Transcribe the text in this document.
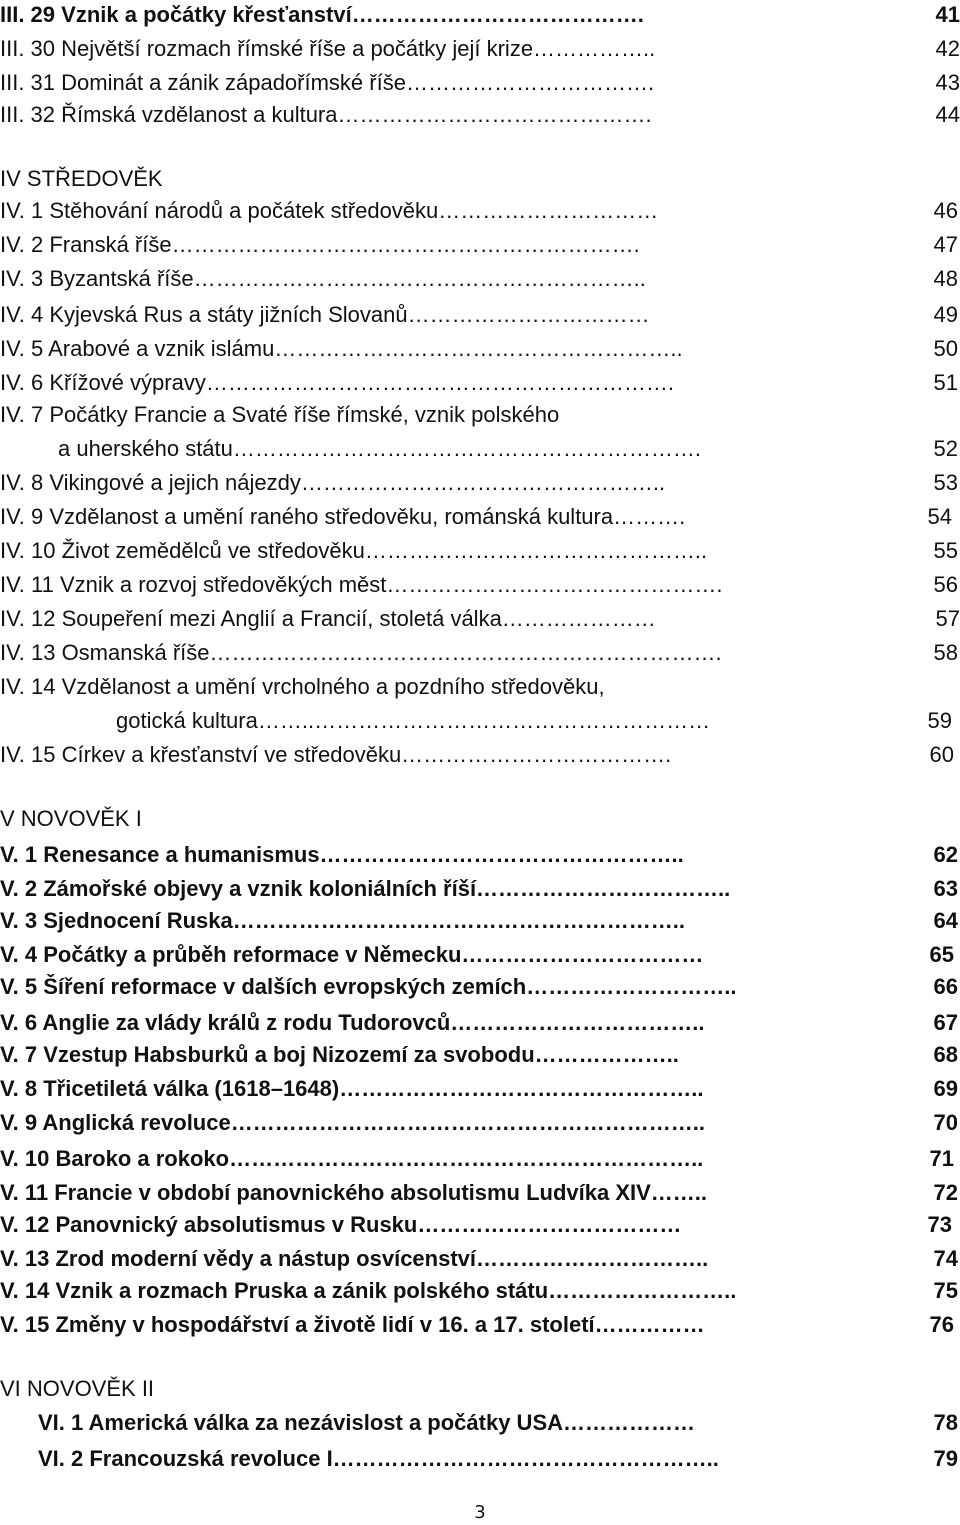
III. 29 Vznik a počátky křesťanství………………………………….	41
III. 30 Největší rozmach římské říše a počátky její krize……………..	42
III. 31 Dominát a zánik západořímské říše…………………………….	43
III. 32 Římská vzdělanost a kultura…………………………………….	44
IV STŘEDOVĚK
IV. 1 Stěhování národů a počátek středověku…………………………	46
IV. 2 Franská říše……………………………………………………….	47
IV. 3 Byzantská říše……………………………………………………..	48
IV. 4 Kyjevská Rus a státy jižních Slovanů……………………………	49
IV. 5 Arabové a vznik islámu………………………………………………..	50
IV. 6 Křížové výpravy……………………………………………………….	51
IV. 7 Počátky Francie a Svaté říše římské, vznik polského
a uherského státu……………………………………………………….	52
IV. 8 Vikingové a jejich nájezdy…………………………………………..	53
IV. 9 Vzdělanost a umění raného středověku, románská kultura……….	54
IV. 10 Život zemědělců ve středověku………………………………………..	55
IV. 11 Vznik a rozvoj středověkých měst……………………………………….	56
IV. 12 Soupeření mezi Anglií a Francií, stoletá válka…………………	57
IV. 13 Osmanská říše…………………………………………………………….	58
IV. 14 Vzdělanost a umění vrcholného a pozdního středověku,
gotická kultura……..………………………………………………	59
IV. 15 Církev a křesťanství ve středověku……………………………….	60
V NOVOVĚK I
V. 1 Renesance a humanismus…………………………………………..	62
V. 2 Zámořské objevy a vznik koloniálních říší……………………………..	63
V. 3 Sjednocení Ruska……………………………………………………..	64
V. 4 Počátky a průběh reformace v Německu……………………………	65
V. 5 Šíření reformace v dalších evropských zemích………………………..	66
V. 6 Anglie za vlády králů z rodu Tudorovců……………………………..	67
V. 7 Vzestup Habsburků a boj Nizozemí za svobodu………………..	68
V. 8 Třicetiletá válka (1618–1648)…………………………………………..	69
V. 9 Anglická revoluce………………………………………………………..	70
V. 10 Baroko a rokoko………………………………………………………..	71
V. 11 Francie v období panovnického absolutismu Ludvíka XIV……..	72
V. 12 Panovnický absolutismus v Rusku………………………………	73
V. 13 Zrod moderní vědy a nástup osvícenství…………………………..	74
V. 14 Vznik a rozmach Pruska a zánik polského státu……………………..	75
V. 15 Změny v hospodářství a životě lidí v 16. a 17. století……………	76
VI NOVOVĚK II
VI. 1 Americká válka za nezávislost a počátky USA………………	78
VI. 2 Francouzská revoluce I……………………………………………..	79
3
